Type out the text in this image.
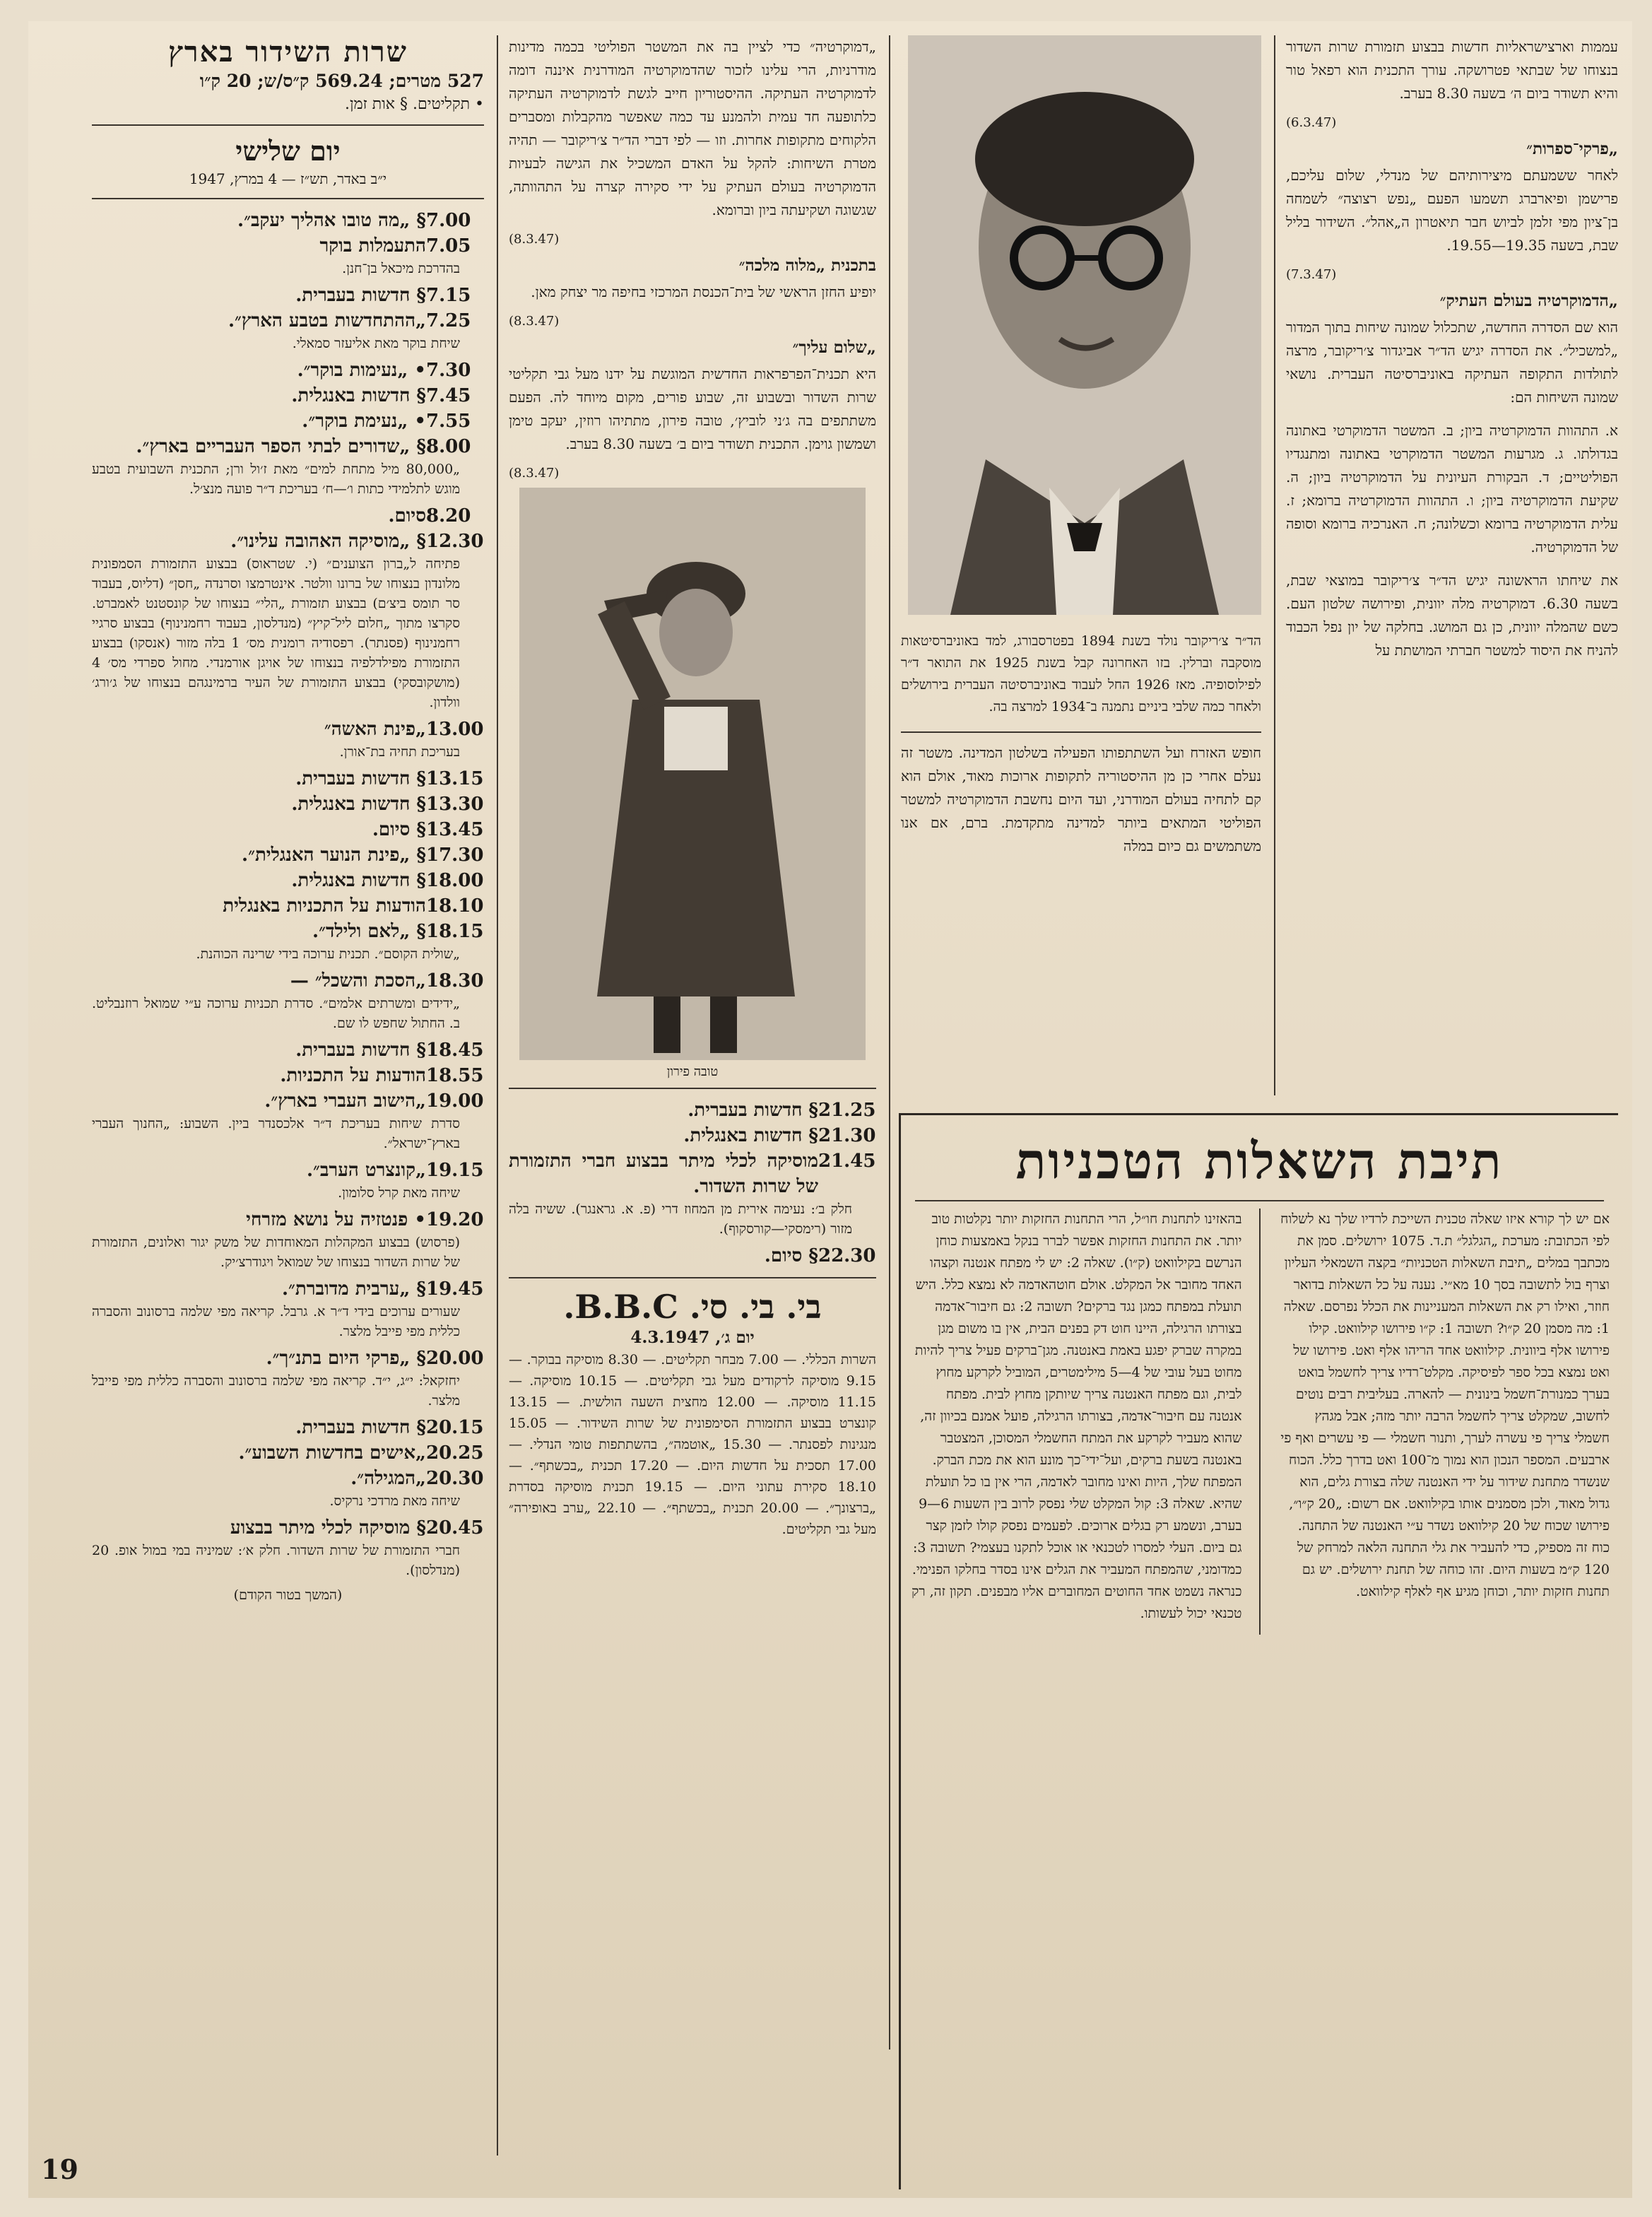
עממות וארצישראליות חדשות בבצוע תזמורת שרות השדור בנצוחו של שבתאי פטרושקה. עורך התכנית הוא רפאל טור והיא תשודר ביום ה׳ בשעה 8.30 בערב.

(6.3.47)
„פרקי־ספרות״

לאחר ששמעתם מיצירותיהם של מנדלי, שלום עליכם, פרישמן ופיארברג תשמעו הפעם „נפש רצוצה״ לשמחה בן־ציון מפי זלמן לביוש חבר תיאטרון ה„אהל״. השידור בליל שבת, בשעה 19.35—19.55.

(7.3.47)
„הדמוקרטיה בעולם העתיק״

הוא שם הסדרה החדשה, שתכלול שמונה שיחות בתוך המדור „למשכיל״. את הסדרה יגיש הד״ר אביגדור צ׳ריקובר, מרצה לתולדות התקופה העתיקה באוניברסיטה העברית. נושאי שמונה השיחות הם:

א. התהוות הדמוקרטיה ביון; ב. המשטר הדמוקרטי באתונה בגדולתו. ג. מגרעות המשטר הדמוקרטי באתונה ומתנגדיו הפוליטיים; ד. הבקורת העיונית על הדמוקרטיה ביון; ה. שקיעת הדמוקרטיה ביון; ו. התהוות הדמוקרטיה ברומא; ז. עלית הדמוקרטיה ברומא וכשלונה; ח. האנרכיה ברומא וסופה של הדמוקרטיה.

את שיחתו הראשונה יגיש הד״ר צ׳ריקובר במוצאי שבת, בשעה 6.30. דמוקרטיה מלה יוונית, ופירושה שלטון העם. כשם שהמלה יוונית, כן גם המושג. בחלקה של יון נפל הכבוד להניח את היסוד למשטר חברתי המושתת על

הד״ר צ׳ריקובר נולד בשנת 1894 בפטרסבורג, למד באוניברסיטאות מוסקבה וברלין. בזו האחרונה קבל בשנת 1925 את התואר ד״ר לפילוסופיה. מאז 1926 החל לעבוד באוניברסיטה העברית בירושלים ולאחר כמה שלבי ביניים נתמנה ב־1934 למרצה בה.

חופש האזרח ועל השתתפותו הפעילה בשלטון המדינה. משטר זה נעלם אחרי כן מן ההיסטוריה לתקופות ארוכות מאוד, אולם הוא קם לתחיה בעולם המודרני, ועד היום נחשבת הדמוקרטיה למשטר הפוליטי המתאים ביותר למדינה מתקדמת. ברם, אם אנו משתמשים גם כיום במלה

„דמוקרטיה״ כדי לציין בה את המשטר הפוליטי בכמה מדינות מודרניות, הרי עלינו לזכור שהדמוקרטיה המודרנית איננה דומה לדמוקרטיה העתיקה. ההיסטוריון חייב לגשת לדמוקרטיה העתיקה כלתופעה חד עמית ולהמנע עד כמה שאפשר מהקבלות ומסברים הלקוחים מתקופות אחרות. וזו — לפי דברי הד״ר צ׳ריקובר — תהיה מטרת השיחות: להקל על האדם המשכיל את הגישה לבעיות הדמוקרטיה בעולם העתיק על ידי סקירה קצרה על התהוותה, שגשוגה ושקיעתה ביון וברומא.

(8.3.47)
בתכנית „מלוה מלכה״

יופיע החזן הראשי של בית־הכנסת המרכזי בחיפה מר יצחק מאן.

(8.3.47)
„שלום עליך״

היא תכנית־הפרפראות החדשית המוגשת על ידנו מעל גבי תקליטי שרות השדור ובשבוע זה, שבוע פורים, מקום מיוחד לה. הפעם משתתפים בה ג׳ני לוביץ׳, טובה פירון, מתתיהו רוזין, יעקב טימן ושמשון גוימן. התכנית תשודר ביום ב׳ בשעה 8.30 בערב.

(8.3.47)
טובה פירון
21.25
§ חדשות בעברית.
21.30
§ חדשות באנגלית.
21.45
מוסיקה לכלי מיתר בבצוע חברי התזמורת של שרות השדור.

חלק ב׳: נעימה אירית מן המחוז דרי (פ. א. גראנגר). ששיה בלה מזור (רימסקי—קורסקוף).

22.30
§ סיום.
בי. בי. סי. B.B.C.
יום ג׳, 4.3.1947

השרות הכללי. — 7.00 מבחר תקליטים. — 8.30 מוסיקה בבוקר. — 9.15 מוסיקה לרקודים מעל גבי תקליטים. — 10.15 מוסיקה. — 11.15 מוסיקה. — 12.00 מחצית השעה הולשית. — 13.15 קונצרט בבצוע התזמורת הסימפונית של שרות השידור. — 15.05 מנגינות לפסנתר. — 15.30 „אוטמה״, בהשתתפות טומי הנדלי. — 17.00 תסכית על חדשות היום. — 17.20 תכנית „בכשתף״. — 18.10 סקירת עתוני היום. — 19.15 תכנית מוסיקה בסדרת „ברצונך״. — 20.00 תכנית „בכשתף״. — 22.10 „ערב באופירה״ מעל גבי תקליטים.

שרות השידור בארץ
527 מטרים; 569.24 ק״ס/ש; 20 ק״ו
• תקליטים. § אות זמן.
יום שלישי
י״ב באדר, תש״ז — 4 במרץ, 1947
7.00
§ „מה טובו אהליך יעקב״.
7.05
התעמלות בוקר

בהדרכת מיכאל בן־חנן.

7.15
§ חדשות בעברית.
7.25
„ההתחדשות בטבע הארץ״.

שיחת בוקר מאת אליעזר סמאלי.

7.30
• „נעימות בוקר״.
7.45
§ חדשות באנגלית.
7.55
• „נעימת בוקר״.
8.00
§ „שדורים לבתי הספר העבריים בארץ״.

„80,000 מיל מתחת למים״ מאת ז׳ול ורן; התכנית השבועית בטבע מוגש לתלמידי כתות ו׳—ח׳ בעריכת ד״ר פועה מנצ׳ל.

8.20
סיום.
12.30
§ „מוסיקה האהובה עלינו״.

פתיחה ל„ברון הצוענים״ (י. שטראוס) בבצוע התזמורת הסמפונית מלונדון בנצוחו של ברונו וולטר. אינטרמצו וסרנדה „חסן״ (דליוס, בעבוד סר תומס ביצ׳ם) בבצוע תזמורת „הלי״ בנצוחו של קונסטנט לאמברט. סקרצו מתוך „חלום ליל־קיץ״ (מנדלסון, בעבוד רחמנינוף) בבצוע סרגיי רחמנינוף (פסנתר). רפסודיה רומנית מס׳ 1 בלה מזור (אנסקו) בבצוע התזמורת מפילדלפיה בנצוחו של אויגן אורמנדי. מחול ספרדי מס׳ 4 (מושקובסקי) בבצוע התזמורת של העיר ברמינגהם בנצוחו של ג׳ורג׳ וולדון.

13.00
„פינת האשה״

בעריכת תחיה בת־אורן.

13.15
§ חדשות בעברית.
13.30
§ חדשות באנגלית.
13.45
§ סיום.
17.30
§ „פינת הנוער האנגלית״.
18.00
§ חדשות באנגלית.
18.10
הודעות על התכניות באנגלית
18.15
§ „לאם ולילד״.

„שולית הקוסם״. תכנית ערוכה בידי שרינה הכוהנת.

18.30
„הסכת והשכל״ —

„ידידים ומשרתים אלמים״. סדרת תכניות ערוכה ע״י שמואל רוזנבליט. ב. החתול שחפש לו שם.

18.45
§ חדשות בעברית.
18.55
הודעות על התכניות.
19.00
„הישוב העברי בארץ״.

סדרת שיחות בעריכת ד״ר אלכסנדר ביין. השבוע: „החנוך העברי בארץ־ישראל״.

19.15
„קונצרט הערב״.

שיחה מאת קרל סלומון.

19.20
• פנטזיה על נושא מזרחי

(פרסוש) בבצוע המקהלות המאוחדות של משק יגור ואלונים, התזמורת של שרות השדור בנצוחו של שמואל ויגודרצ׳יק.

19.45
§ „ערבית מדוברת״.

שעורים ערוכים בידי ד״ר א. גרבל. קריאה מפי שלמה ברסונוב והסברה כללית מפי פייבל מלצר.

20.00
§ „פרקי היום בתנ״ך״.

יחזקאל: י״ג, י״ד. קריאה מפי שלמה ברסונוב והסברה כללית מפי פייבל מלצר.

20.15
§ חדשות בעברית.
20.25
„אישים בחדשות השבוע״.
20.30
„המגילה״.

שיחה מאת מרדכי נרקיס.

20.45
§ מוסיקה לכלי מיתר בבצוע

חברי התזמורת של שרות השדור. חלק א׳: שמיניה במי במול אופ. 20 (מנדלסון).

(המשך בטור הקודם)
תיבת השאלות הטכניות

אם יש לך קורא איזו שאלה טכנית השייכת לרדיו שלך נא לשלוח לפי הכתובת: מערכת „הגלגל״ ת.ד. 1075 ירושלים. סמן את מכתבך במלים „תיבת השאלות הטכניות״ בקצה השמאלי העליון וצרף בול לתשובה בסך 10 מא״י. נענה על כל השאלות בדואר חוזר, ואילו רק את השאלות המעניינות את הכלל נפרסם. שאלה 1: מה מסמן 20 ק״ו? תשובה 1: ק״ו פירושו קילוואט. קילו פירושו אלף ביוונית. קילוואט אחד הריהו אלף ואט. פירושו של ואט נמצא בכל ספר לפיסיקה. מקלט־רדיו צריך לחשמל בואט בערך כמנורת־חשמל בינונית — להארה. בעליבית רבים נוטים לחשוב, שמקלט צריך לחשמל הרבה יותר מזה; אבל מגהץ חשמלי צריך פי עשרה לערך, ותנור חשמלי — פי עשרים ואף פי ארבעים. המספר הנכון הוא נמוך מ־100 ואט בדרך כלל. הכוח שנשדר מתחנת שידור על ידי האנטנה שלה בצורת גלים, הוא גדול מאוד, ולכן מסמנים אותו בקילוואט. אם רשום: „20 ק״ו״, פירושו שכוח של 20 קילוואט נשדר ע״י האנטנה של התחנה. כוח זה מספיק, כדי להעביר את גלי התחנה הלאה למרחק של 120 ק״מ בשעות היום. זהו כוחה של תחנת ירושלים. יש גם תחנות חזקות יותר, וכוחן מגיע אף לאלף קילוואט.

בהאזינו לתחנות חו״ל, הרי התחנות החזקות יותר נקלטות טוב יותר. את התחנות החזקות אפשר לברר בנקל באמצעות כוחן הנרשם בקילוואט (ק״ו). שאלה 2: יש לי מפתח אנטנה וקצהו האחד מחובר אל המקלט. אולם חוטהאדמה לא נמצא כלל. היש תועלת במפתח כמגן נגד ברקים? תשובה 2: גם חיבור־אדמה בצורתו הרגילה, היינו חוט דק בפנים הבית, אין בו משום מגן במקרה שברק יפגע באמת באנטנה. מגן־ברקים פעיל צריך להיות מחוט בעל עובי של 4—5 מילימטרים, המוביל לקרקע מחוץ לבית, וגם מפתח האנטנה צריך שיותקן מחוץ לבית. מפתח אנטנה עם חיבור־אדמה, בצורתו הרגילה, פועל אמנם בכיוון זה, שהוא מעביר לקרקע את המתח החשמלי המסוכן, המצטבר באנטנה בשעת ברקים, ועל־ידי־כך מונע הוא את מכת הברק. המפתח שלך, היות ואינו מחובר לאדמה, הרי אין בו כל תועלת שהיא. שאלה 3: קול המקלט שלי נפסק לרוב בין השעות 6—9 בערב, ונשמע רק בגלים ארוכים. לפעמים נפסק קולו לזמן קצר גם ביום. העלי למסרו לטכנאי או אוכל לתקנו בעצמי? תשובה 3: כמדומני, שהמפתח המעביר את הגלים אינו בסדר בחלקו הפנימי. כנראה נשמט אחד החוטים המחוברים אליו מבפנים. תקון זה, רק טכנאי יכול לעשותו.

19
